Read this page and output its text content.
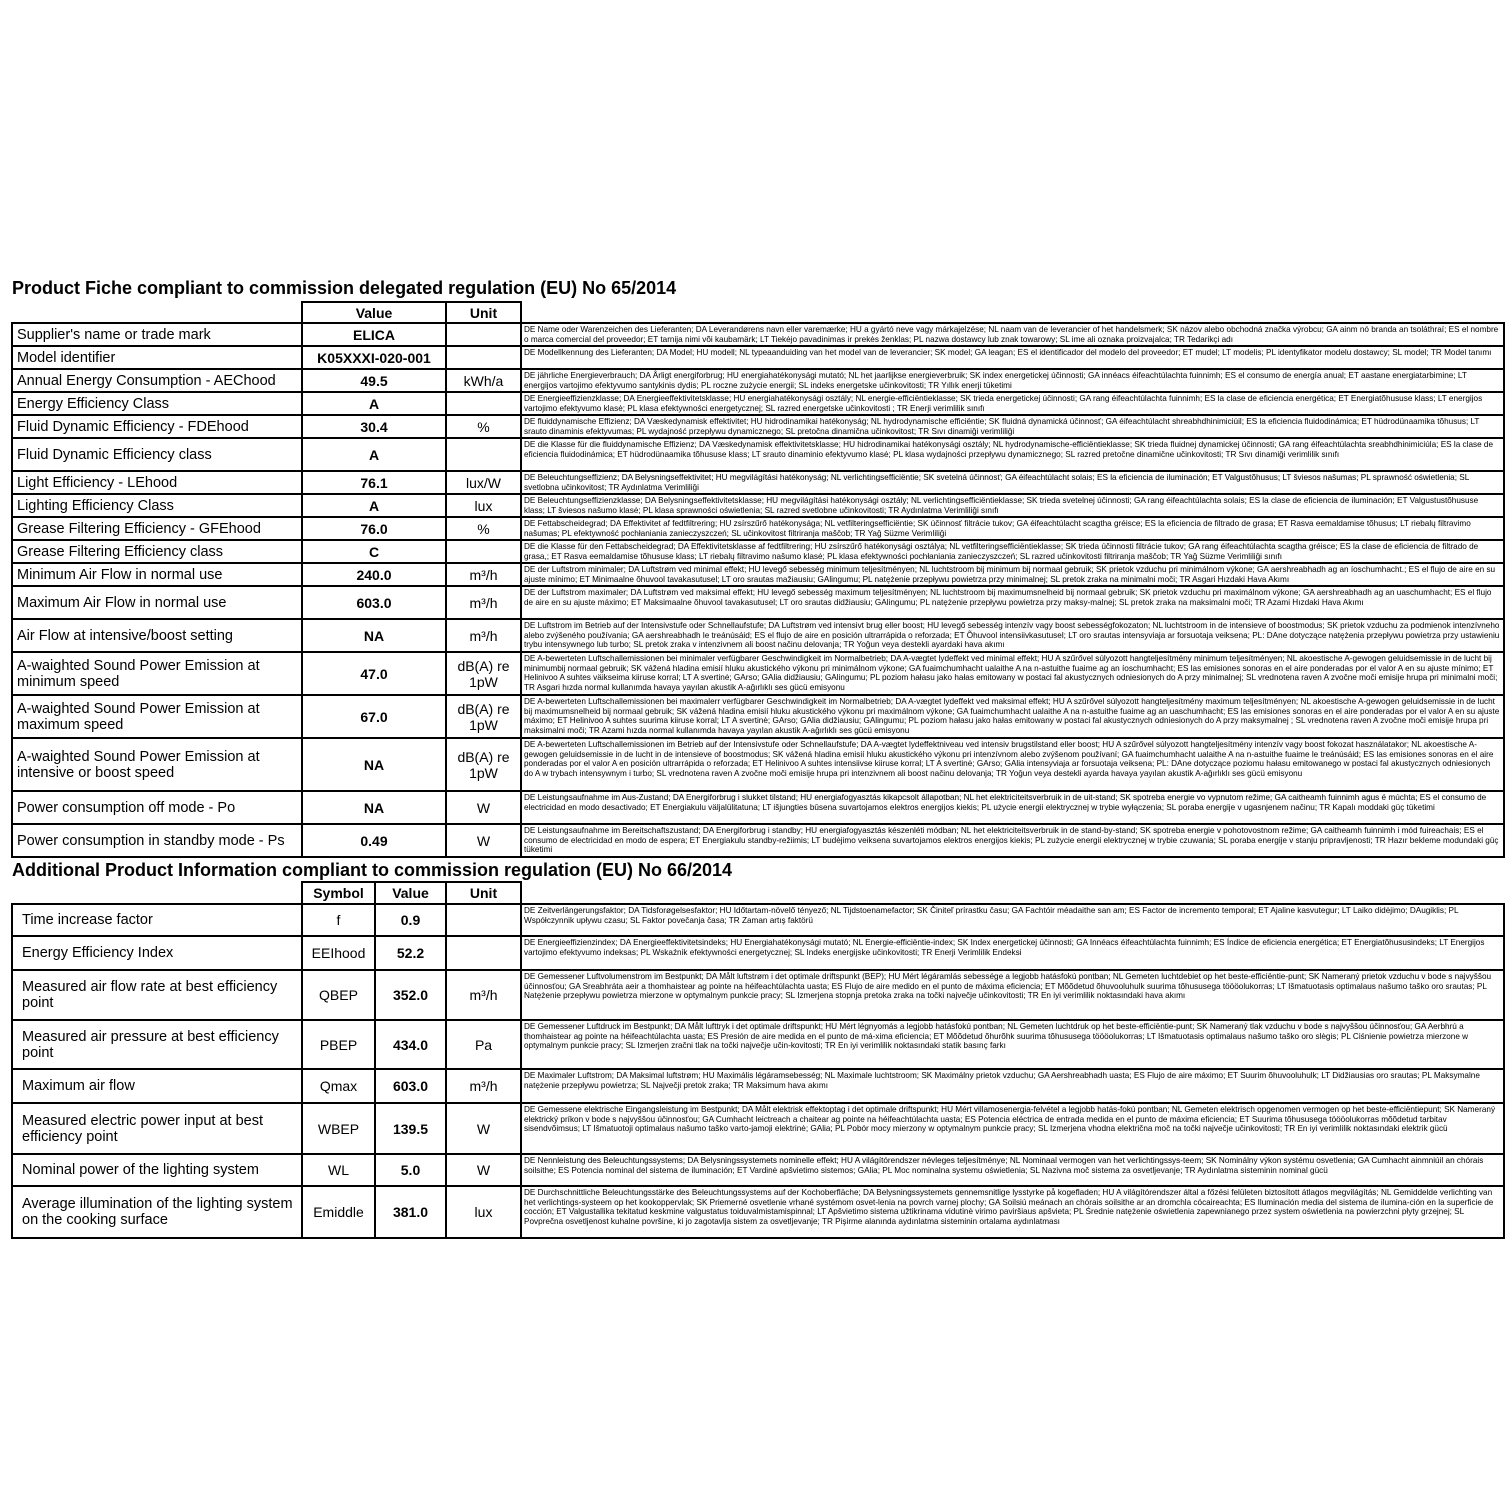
Product Fiche compliant to commission delegated regulation (EU) No 65/2014
	Value	Unit	
Supplier's name or trade mark	ELICA		DE Name oder Warenzeichen des Lieferanten; DA Leverandørens navn eller varemærke; HU a gyártó neve vagy márkajelzése; NL naam van de leverancier of het handelsmerk; SK názov alebo obchodná značka výrobcu; GA ainm nó branda an tsoláthraí; ES el nombre o marca comercial del proveedor; ET tarnija nimi või kaubamärk; LT Tiekėjo pavadinimas ir prekės ženklas; PL nazwa dostawcy lub znak towarowy; SL ime ali oznaka proizvajalca; TR Tedarikçi adı
Model identifier	K05XXXI-020-001		DE Modellkennung des Lieferanten; DA Model; HU modell; NL typeaanduiding van het model van de leverancier; SK model; GA leagan; ES el identificador del modelo del proveedor; ET mudel; LT modelis; PL identyfikator modelu dostawcy; SL model; TR Model tanımı
Annual Energy Consumption - AEChood	49.5	kWh/a	DE jährliche Energieverbrauch; DA Årligt energiforbrug; HU energiahatékonysági mutató; NL het jaarlijkse energieverbruik; SK index energetickej účinnosti; GA innéacs éifeachtúlachta fuinnimh; ES el consumo de energía anual; ET aastane energiatarbimine; LT energijos vartojimo efektyvumo santykinis dydis; PL roczne zużycie energii; SL indeks energetske učinkovitosti; TR Yıllık enerji tüketimi
Energy Efficiency Class	A		DE Energieeffizienzklasse; DA Energieeffektivitetsklasse; HU energiahatékonysági osztály; NL energie-efficiëntieklasse; SK trieda energetickej účinnosti; GA rang éifeachtúlachta fuinnimh; ES la clase de eficiencia energética; ET Energiatõhususe klass; LT energijos vartojimo efektyvumo klasė; PL klasa efektywności energetycznej; SL razred energetske učinkovitosti ; TR Enerji verimlilik sınıfı
Fluid Dynamic Efficiency - FDEhood	30.4	%	DE fluiddynamische Effizienz; DA Væskedynamisk effektivitet; HU hidrodinamikai hatékonyság; NL hydrodynamische efficiëntie; SK fluidná dynamická účinnosť; GA éifeachtúlacht shreabhdhinimiciúil; ES la eficiencia fluidodinámica; ET hüdrodünaamika tõhusus; LT srauto dinaminis efektyvumas; PL wydajność przepływu dynamicznego; SL pretočna dinamična učinkovitost; TR Sıvı dinamiği verimliliği
Fluid Dynamic Efficiency class	A		DE die Klasse für die fluiddynamische Effizienz; DA Væskedynamisk effektivitetsklasse; HU hidrodinamikai hatékonysági osztály; NL hydrodynamische-efficiëntieklasse; SK trieda fluidnej dynamickej účinnosti; GA rang éifeachtúlachta sreabhdhinimiciúla; ES la clase de eficiencia fluidodinámica; ET hüdrodünaamika tõhususe klass; LT srauto dinaminio efektyvumo klasė; PL klasa wydajności przepływu dynamicznego; SL razred pretočne dinamične učinkovitosti; TR Sıvı dinamiği verimlilik sınıfı
Light Efficiency - LEhood	76.1	lux/W	DE Beleuchtungseffizienz; DA Belysningseffektivitet; HU megvilágítási hatékonyság; NL verlichtingsefficiëntie; SK svetelná účinnosť; GA éifeachtúlacht solais; ES la eficiencia de iluminación; ET Valgustõhusus; LT šviesos našumas; PL sprawność oświetlenia; SL svetlobna učinkovitost; TR Aydınlatma Verimliliği
Lighting Efficiency Class	A	lux	DE Beleuchtungseffizienzklasse; DA Belysningseffektivitetsklasse; HU megvilágítási hatékonysági osztály; NL verlichtingsefficiëntieklasse; SK trieda svetelnej účinnosti; GA rang éifeachtúlachta solais; ES la clase de eficiencia de iluminación; ET Valgustustõhususe klass; LT šviesos našumo klasė; PL klasa sprawności oświetlenia; SL razred svetlobne učinkovitosti; TR Aydınlatma Verimliliği sınıfı
Grease Filtering Efficiency - GFEhood	76.0	%	DE Fettabscheidegrad; DA Effektivitet af fedtfiltrering; HU zsírszűrő hatékonysága; NL vetfilteringsefficiëntie; SK účinnosť filtrácie tukov; GA éifeachtúlacht scagtha gréisce; ES la eficiencia de filtrado de grasa; ET Rasva eemaldamise tõhusus; LT riebalų filtravimo našumas; PL efektywność pochłaniania zanieczyszczeń; SL učinkovitost filtriranja maščob; TR Yağ Süzme Verimliliği
Grease Filtering Efficiency class	C		DE die Klasse für den Fettabscheidegrad; DA Effektivitetsklasse af fedtfiltrering; HU zsírszűrő hatékonysági osztálya; NL vetfilteringsefficiëntieklasse; SK trieda účinnosti filtrácie tukov; GA rang éifeachtúlachta scagtha gréisce; ES la clase de eficiencia de filtrado de grasa,; ET Rasva eemaldamise tõhususe klass; LT riebalų filtravimo našumo klasė; PL klasa efektywności pochłaniania zanieczyszczeń; SL razred učinkovitosti filtriranja maščob; TR Yağ Süzme Verimliliği sınıfı
Minimum Air Flow in normal use	240.0	m³/h	DE der Luftstrom minimaler; DA Luftstrøm ved minimal effekt; HU levegő sebesség minimum teljesítményen; NL luchtstroom bij minimum bij normaal gebruik; SK prietok vzduchu pri minimálnom výkone; GA aershreabhadh ag an íoschumhacht.; ES el flujo de aire en su ajuste mínimo; ET Minimaalne õhuvool tavakasutusel; LT oro srautas mažiausiu; GAlingumu; PL natężenie przepływu powietrza przy minimalnej; SL pretok zraka na minimalni moči; TR Asgari Hızdaki Hava Akımı
Maximum Air Flow in normal use	603.0	m³/h	DE der Luftstrom maximaler; DA Luftstrøm ved maksimal effekt; HU levegő sebesség maximum teljesítményen; NL luchtstroom bij maximumsnelheid bij normaal gebruik; SK prietok vzduchu pri maximálnom výkone; GA aershreabhadh ag an uaschumhacht; ES el flujo de aire en su ajuste máximo; ET Maksimaalne õhuvool tavakasutusel; LT oro srautas didžiausiu; GAlingumu; PL natężenie przepływu powietrza przy maksy-malnej; SL pretok zraka na maksimalni moči; TR Azami Hızdaki Hava Akımı
Air Flow at intensive/boost setting	NA	m³/h	DE Luftstrom im Betrieb auf der Intensivstufe oder Schnellaufstufe; DA Luftstrøm ved intensivt brug eller boost; HU levegő sebesség intenzív vagy boost sebességfokozaton; NL luchtstroom in de intensieve of boostmodus; SK prietok vzduchu za podmienok intenzívneho alebo zvýšeného používania; GA aershreabhadh le treánúsáid; ES el flujo de aire en posición ultrarrápida o reforzada; ET Õhuvool intensiivkasutusel; LT oro srautas intensyviaja ar forsuotaja veiksena; PL: DAne dotyczące natężenia przepływu powietrza przy ustawieniu trybu intensywnego lub turbo; SL pretok zraka v intenzivnem ali boost načinu delovanja; TR Yoğun veya destekli ayardaki hava akımı
A-waighted Sound Power Emission at minimum speed	47.0	dB(A) re 1pW	DE A-bewerteten Luftschallemissionen bei minimaler verfügbarer Geschwindigkeit im Normalbetrieb; DA A-vægtet lydeffekt ved minimal effekt; HU A szűrővel súlyozott hangteljesítmény minimum teljesítményen; NL akoestische A-gewogen geluidsemissie in de lucht bij minimumbij normaal gebruik; SK vážená hladina emisií hluku akustického výkonu pri minimálnom výkone; GA fuaimchumhacht ualaithe A na n-astuithe fuaime ag an íoschumhacht; ES las emisiones sonoras en el aire ponderadas por el valor A en su ajuste mínimo; ET Helinivoo A suhtes väikseima kiiruse korral; LT A svertinė; GArso; GAlia didžiausiu; GAlingumu; PL poziom hałasu jako hałas emitowany w postaci fal akustycznych odniesionych do A przy minimalnej; SL vrednotena raven A zvočne moči emisije hrupa pri minimalni moči; TR Asgari hızda normal kullanımda havaya yayılan akustik A-ağırlıklı ses gücü emisyonu
A-waighted Sound Power Emission at maximum speed	67.0	dB(A) re 1pW	DE A-bewerteten Luftschallemissionen bei maximalerr verfügbarer Geschwindigkeit im Normalbetrieb; DA A-vægtet lydeffekt ved maksimal effekt; HU A szűrővel súlyozott hangteljesítmény maximum teljesítményen; NL akoestische A-gewogen geluidsemissie in de lucht bij maximumsnelheid bij normaal gebruik; SK vážená hladina emisií hluku akustického výkonu pri maximálnom výkone; GA fuaimchumhacht ualaithe A na n-astuithe fuaime ag an uaschumhacht; ES las emisiones sonoras en el aire ponderadas por el valor A en su ajuste máximo; ET Helinivoo A suhtes suurima kiiruse korral; LT A svertinė; GArso; GAlia didžiausiu; GAlingumu; PL poziom hałasu jako hałas emitowany w postaci fal akustycznych odniesionych do A przy maksymalnej ; SL vrednotena raven A zvočne moči emisije hrupa pri maksimalni moči; TR Azami hızda normal kullanımda havaya yayılan akustik A-ağırlıklı ses gücü emisyonu
A-waighted Sound Power Emission at intensive or boost speed	NA	dB(A) re 1pW	DE A-bewerteten Luftschallemissionen im Betrieb auf der Intensivstufe oder Schnellaufstufe; DA A-vægtet lydeffektniveau ved intensiv brugstilstand eller boost; HU A szűrővel súlyozott hangteljesítmény intenzív vagy boost fokozat használatakor; NL akoestische A-gewogen geluidsemissie in de lucht in de intensieve of boostmodus; SK vážená hladina emisií hluku akustického výkonu pri intenzívnom alebo zvýšenom používaní; GA fuaimchumhacht ualaithe A na n-astuithe fuaime le treánúsáid; ES las emisiones sonoras en el aire ponderadas por el valor A en posición ultrarrápida o reforzada; ET Helinivoo A suhtes intensiivse kiiruse korral; LT A svertinė; GArso; GAlia intensyviaja ar forsuotaja veiksena; PL: DAne dotyczące poziomu hałasu emitowanego w postaci fal akustycznych odniesionych do A w trybach intensywnym i turbo; SL vrednotena raven A zvočne moči emisije hrupa pri intenzivnem ali boost načinu delovanja; TR Yoğun veya destekli ayarda havaya yayılan akustik A-ağırlıklı ses gücü emisyonu
Power consumption off mode - Po	NA	W	DE Leistungsaufnahme im Aus-Zustand; DA Energiforbrug i slukket tilstand; HU energiafogyasztás kikapcsolt állapotban; NL het elektriciteitsverbruik in de uit-stand; SK spotreba energie vo vypnutom režime; GA caitheamh fuinnimh agus é múchta; ES el consumo de electricidad en modo desactivado; ET Energiakulu väljalülitatuna; LT išjungties būsena suvartojamos elektros energijos kiekis; PL użycie energii elektrycznej w trybie wyłączenia; SL poraba energije v ugasnjenem načinu; TR Kapalı moddaki güç tüketimi
Power consumption in standby mode - Ps	0.49	W	DE Leistungsaufnahme im Bereitschaftszustand; DA Energiforbrug i standby; HU energiafogyasztás készenléti módban; NL het elektriciteitsverbruik in de stand-by-stand; SK spotreba energie v pohotovostnom režime; GA caitheamh fuinnimh i mód fuireachais; ES el consumo de electricidad en modo de espera; ET Energiakulu standby-režiimis; LT budėjimo veiksena suvartojamos elektros energijos kiekis; PL zużycie energii elektrycznej w trybie czuwania; SL poraba energije v stanju pripravljenosti; TR Hazır bekleme modundaki güç tüketimi
Additional Product Information compliant to commission regulation (EU) No 66/2014
	Symbol	Value	Unit	
Time increase factor	f	0.9		DE Zeitverlängerungsfaktor; DA Tidsforøgelsesfaktor; HU Időtartam-növelő tényező; NL Tijdstoenamefactor; SK Činiteľ prírastku času; GA Fachtóir méadaithe san am; ES Factor de incremento temporal; ET Ajaline kasvutegur; LT Laiko didėjimo; DAugiklis; PL Współczynnik upływu czasu; SL Faktor povečanja časa; TR Zaman artış faktörü
Energy Efficiency Index	EEIhood	52.2		DE Energieeffizienzindex; DA Energieeffektivitetsindeks; HU Energiahatékonysági mutató; NL Energie-efficiëntie-index; SK Index energetickej účinnosti; GA Innéacs éifeachtúlachta fuinnimh; ES Índice de eficiencia energética; ET Energiatõhususindeks; LT Energijos vartojimo efektyvumo indeksas; PL Wskaźnik efektywności energetycznej; SL Indeks energijske učinkovitosti; TR Enerji Verimlilik Endeksi
Measured air flow rate at best efficiency point	QBEP	352.0	m³/h	DE Gemessener Luftvolumenstrom im Bestpunkt; DA Målt luftstrøm i det optimale driftspunkt (BEP); HU Mért légáramlás sebessége a legjobb hatásfokú pontban; NL Gemeten luchtdebiet op het beste-efficiëntie-punt; SK Nameraný prietok vzduchu v bode s najvyššou účinnosťou; GA Sreabhráta aeir a thomhaistear ag pointe na héifeachtúlachta uasta; ES Flujo de aire medido en el punto de máxima eficiencia; ET Mõõdetud õhuvooluhulk suurima tõhususega töööolukorras; LT Išmatuotasis optimalaus našumo taško oro srautas; PL Natężenie przepływu powietrza mierzone w optymalnym punkcie pracy; SL Izmerjena stopnja pretoka zraka na točki največje učinkovitosti; TR En iyi verimlilik noktasındaki hava akımı
Measured air pressure at best efficiency point	PBEP	434.0	Pa	DE Gemessener Luftdruck im Bestpunkt; DA Målt lufttryk i det optimale driftspunkt; HU Mért légnyomás a legjobb hatásfokú pontban; NL Gemeten luchtdruk op het beste-efficiëntie-punt; SK Nameraný tlak vzduchu v bode s najvyššou účinnosťou; GA Aerbhrú a thomhaistear ag pointe na héifeachtúlachta uasta; ES Presión de aire medida en el punto de má-xima eficiencia; ET Mõõdetud õhurõhk suurima tõhususega töööolukorras; LT Išmatuotasis optimalaus našumo taško oro slėgis; PL Ciśnienie powietrza mierzone w optymalnym punkcie pracy; SL Izmerjen zračni tlak na točki največje učin-kovitosti; TR En iyi verimlilik noktasındaki statik basınç farkı
Maximum air flow	Qmax	603.0	m³/h	DE Maximaler Luftstrom; DA Maksimal luftstrøm; HU Maximális légáramsebesség; NL Maximale luchtstroom; SK Maximálny prietok vzduchu; GA Aershreabhadh uasta; ES Flujo de aire máximo; ET Suurim õhuvooluhulk; LT Didžiausias oro srautas; PL Maksymalne natężenie przepływu powietrza; SL Največji pretok zraka; TR Maksimum hava akımı
Measured electric power input at best efficiency point	WBEP	139.5	W	DE Gemessene elektrische Eingangsleistung im Bestpunkt; DA Målt elektrisk effektoptag i det optimale driftspunkt; HU Mért villamosenergia-felvétel a legjobb hatás-fokú pontban; NL Gemeten elektrisch opgenomen vermogen op het beste-efficiëntiepunt; SK Nameraný elektrický príkon v bode s najvyššou účinnosťou; GA Cumhacht leictreach a chaitear ag pointe na héifeachtúlachta uasta; ES Potencia eléctrica de entrada medida en el punto de máxima eficiencia; ET Suurima tõhususega töööolukorras mõõdetud tarbitav sisendvõimsus; LT Išmatuotoji optimalaus našumo taško varto-jamoji elektrinė; GAlia; PL Pobór mocy mierzony w optymalnym punkcie pracy; SL Izmerjena vhodna električna moč na točki največje učinkovitosti; TR En iyi verimlilik noktasındaki elektrik gücü
Nominal power of the lighting system	WL	5.0	W	DE Nennleistung des Beleuchtungssystems; DA Belysningssystemets nominelle effekt; HU A világítórendszer névleges teljesítménye; NL Nominaal vermogen van het verlichtingssys-teem; SK Nominálny výkon systému osvetlenia; GA Cumhacht ainmniúil an chórais soilsithe; ES Potencia nominal del sistema de iluminación; ET Vardinė apšvietimo sistemos; GAlia; PL Moc nominalna systemu oświetlenia; SL Nazivna moč sistema za osvetljevanje; TR Aydınlatma sisteminin nominal gücü
Average illumination of the lighting system on the cooking surface	Emiddle	381.0	lux	DE Durchschnittliche Beleuchtungsstärke des Beleuchtungssystems auf der Kochoberfläche; DA Belysningssystemets gennemsnitlige lysstyrke på kogefladen; HU A világítórendszer által a főzési felületen biztosított átlagos megvilágítás; NL Gemiddelde verlichting van het verlichtings-systeem op het kookoppervlak; SK Priemerné osvetlenie vrhané systémom osvet-lenia na povrch varnej plochy; GA Soilsiú meánach an chórais soilsithe ar an dromchla cócaireachta; ES Iluminación media del sistema de ilumina-ción en la superficie de cocción; ET Valgustallika tekitatud keskmine valgustatus toiduvalmistamispinnal; LT Apšvietimo sistema užtikrinama vidutinė virimo paviršiaus apšvieta; PL Średnie natężenie oświetlenia zapewnianego przez system oświetlenia na powierzchni płyty grzejnej; SL Povprečna osvetljenost kuhalne površine, ki jo zagotavlja sistem za osvetljevanje; TR Pişirme alanında aydınlatma sisteminin ortalama aydınlatması
